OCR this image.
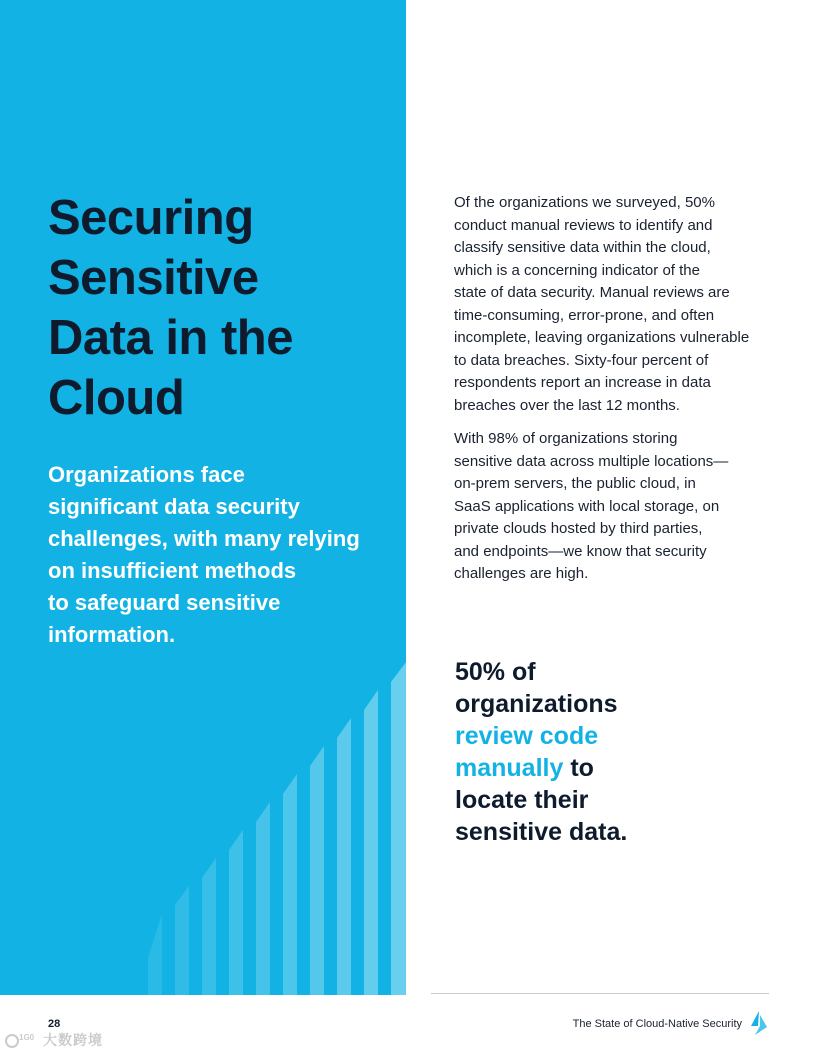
Securing
Sensitive
Data in the
Cloud

Organizations face
significant data security
challenges, with many relying
on insufficient methods
to safeguard sensitive
information.

Of the organizations we surveyed, 50%
conduct manual reviews to identify and
classify sensitive data within the cloud,
which is a concerning indicator of the
state of data security. Manual reviews are
time-consuming, error-prone, and often
incomplete, leaving organizations vulnerable
to data breaches. Sixty-four percent of
respondents report an increase in data
breaches over the last 12 months.

With 98% of organizations storing
sensitive data across multiple locations—
on-prem servers, the public cloud, in
SaaS applications with local storage, on
private clouds hosted by third parties,
and endpoints—we know that security
challenges are high.

50% of
organizations
review code
manually to
locate their
sensitive data.

28	The State of Cloud-Native Security
1G0 大数跨境
